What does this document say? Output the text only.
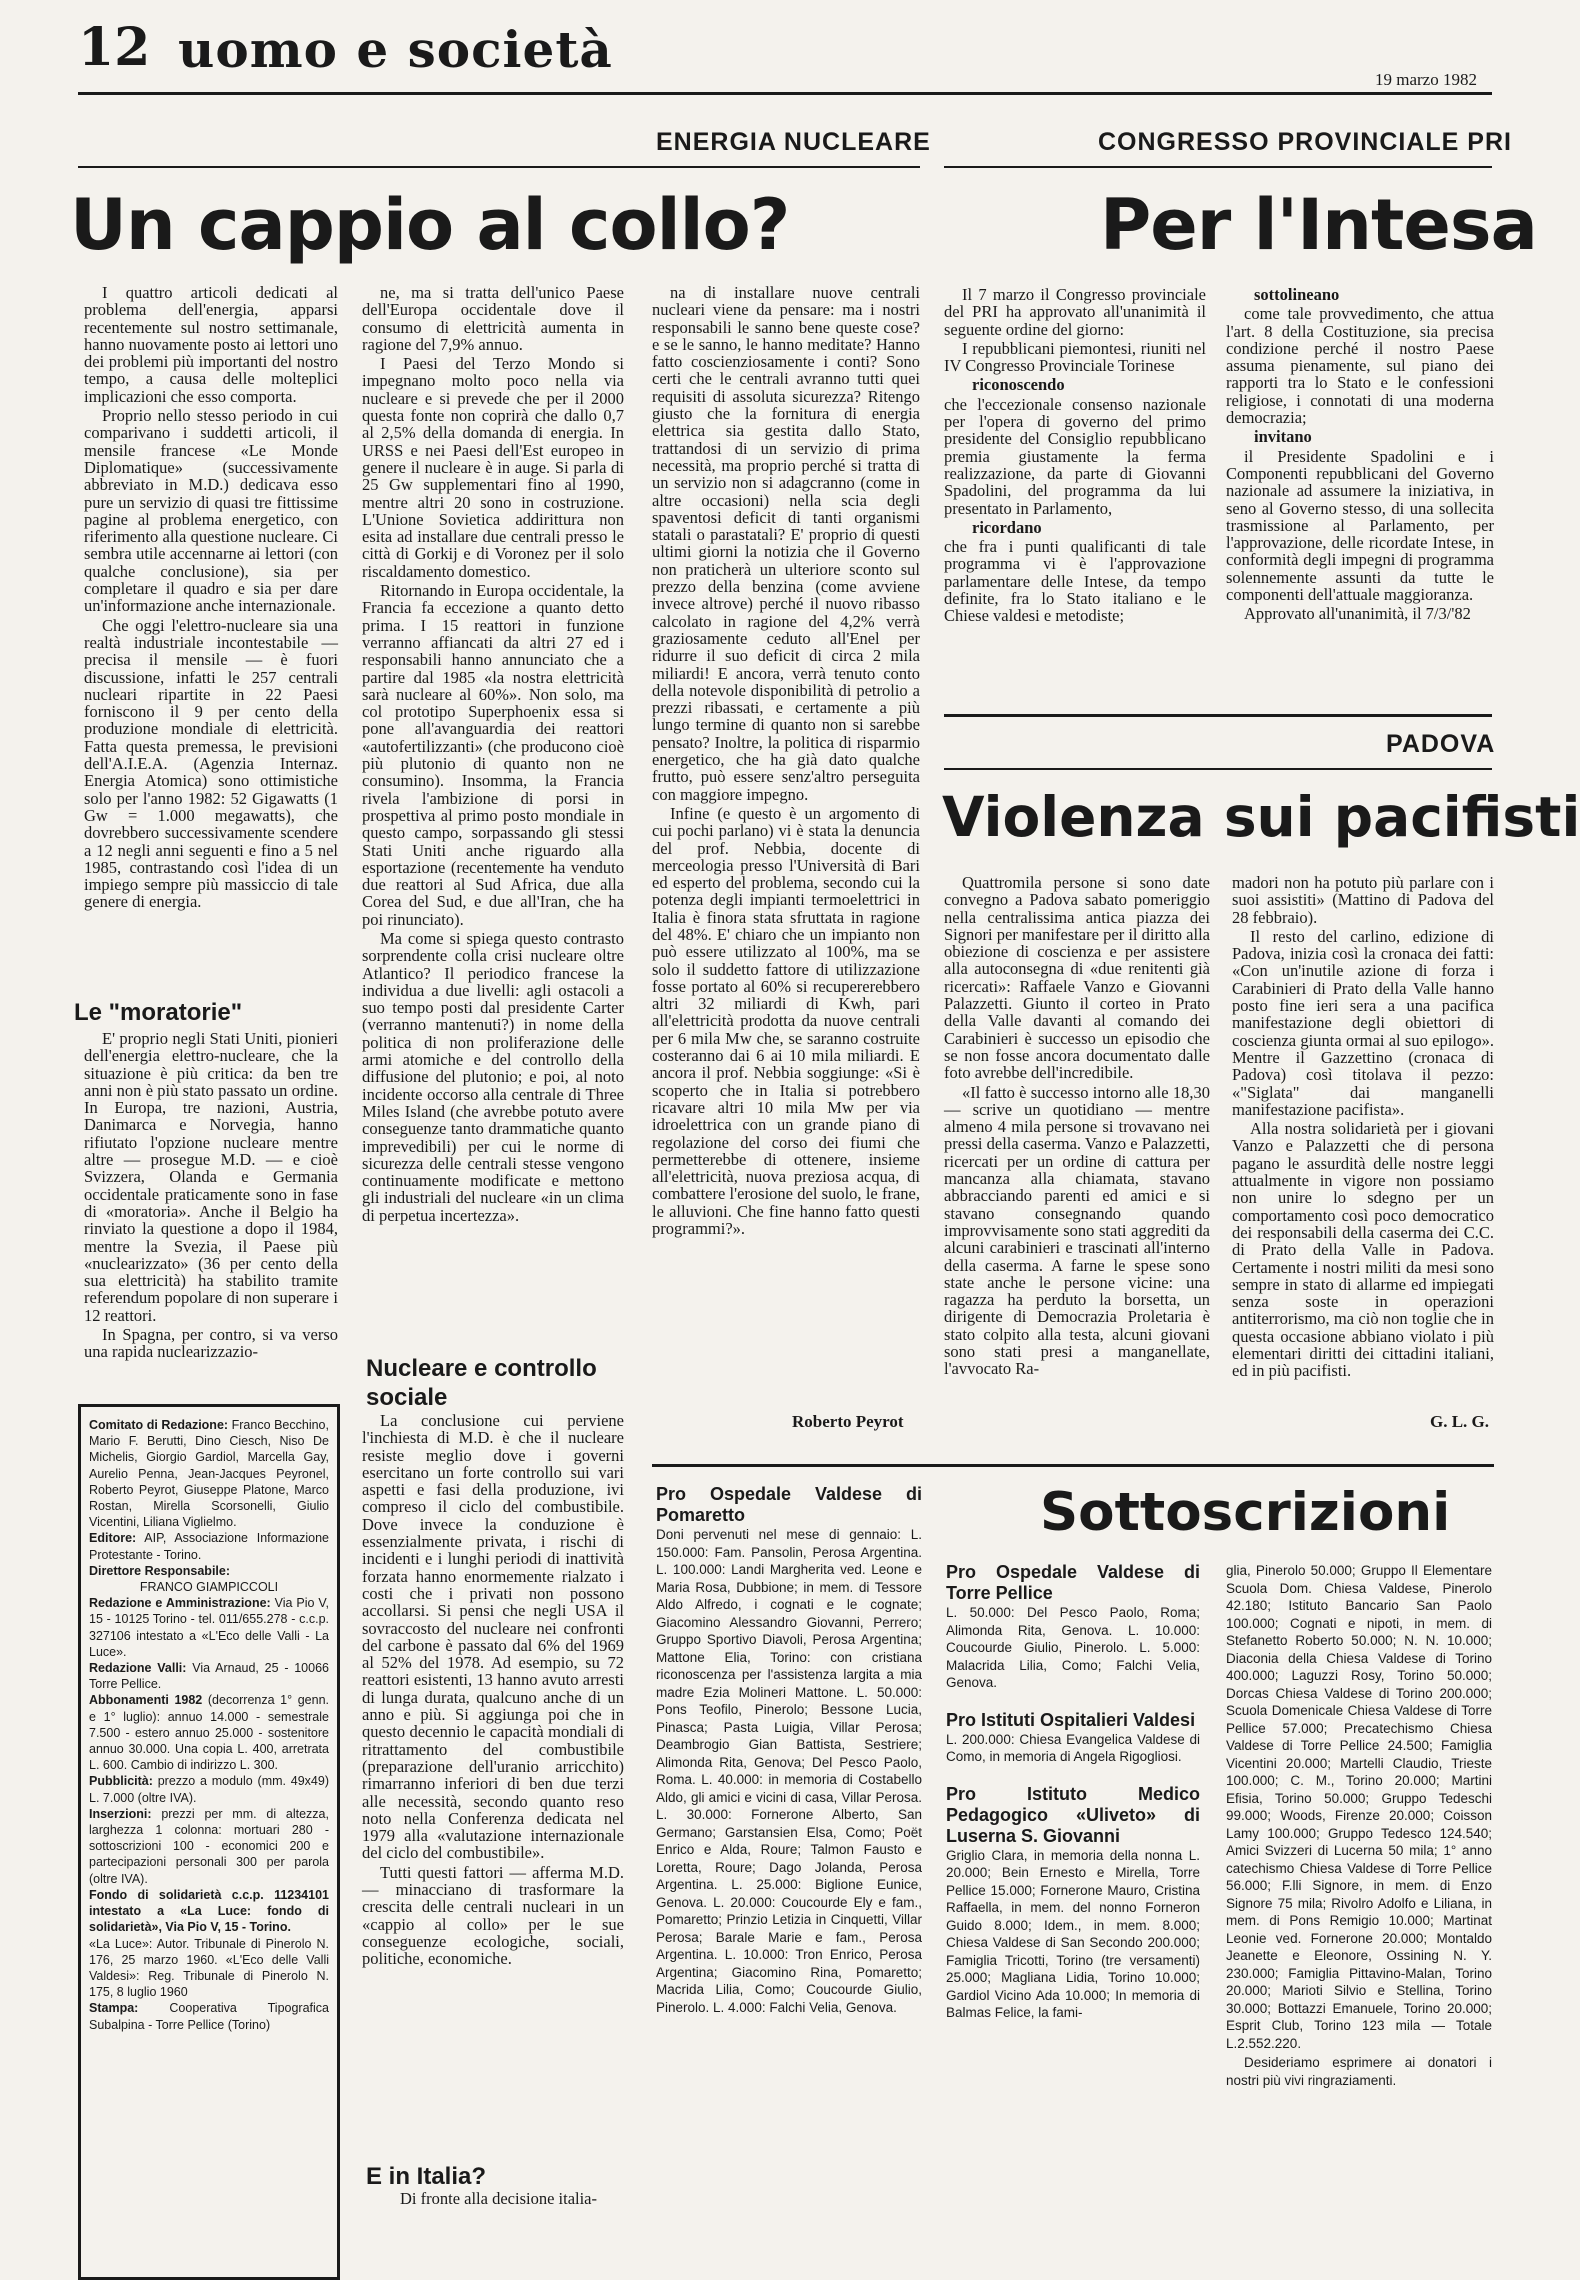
12 uomo e società
19 marzo 1982
ENERGIA NUCLEARE
Un cappio al collo?
CONGRESSO PROVINCIALE PRI
Per l'Intesa

I quattro articoli dedicati al problema dell'energia, apparsi recentemente sul nostro settimanale, hanno nuovamente posto ai lettori uno dei problemi più importanti del nostro tempo, a causa delle molteplici implicazioni che esso comporta.

Proprio nello stesso periodo in cui comparivano i suddetti articoli, il mensile francese «Le Monde Diplomatique» (successivamente abbreviato in M.D.) dedicava esso pure un servizio di quasi tre fittissime pagine al problema energetico, con riferimento alla questione nucleare. Ci sembra utile accennarne ai lettori (con qualche conclusione), sia per completare il quadro e sia per dare un'informazione anche internazionale.

Che oggi l'elettro-nucleare sia una realtà industriale incontestabile — precisa il mensile — è fuori discussione, infatti le 257 centrali nucleari ripartite in 22 Paesi forniscono il 9 per cento della produzione mondiale di elettricità. Fatta questa premessa, le previsioni dell'A.I.E.A. (Agenzia Internaz. Energia Atomica) sono ottimistiche solo per l'anno 1982: 52 Gigawatts (1 Gw = 1.000 megawatts), che dovrebbero successivamente scendere a 12 negli anni seguenti e fino a 5 nel 1985, contrastando così l'idea di un impiego sempre più massiccio di tale genere di energia.

Le "moratorie"

E' proprio negli Stati Uniti, pionieri dell'energia elettro-nucleare, che la situazione è più critica: da ben tre anni non è più stato passato un ordine. In Europa, tre nazioni, Austria, Danimarca e Norvegia, hanno rifiutato l'opzione nucleare mentre altre — prosegue M.D. — e cioè Svizzera, Olanda e Germania occidentale praticamente sono in fase di «moratoria». Anche il Belgio ha rinviato la questione a dopo il 1984, mentre la Svezia, il Paese più «nuclearizzato» (36 per cento della sua elettricità) ha stabilito tramite referendum popolare di non superare i 12 reattori.

In Spagna, per contro, si va verso una rapida nuclearizzazio-

Comitato di Redazione: Franco Becchino, Mario F. Berutti, Dino Ciesch, Niso De Michelis, Giorgio Gardiol, Marcella Gay, Aurelio Penna, Jean-Jacques Peyronel, Roberto Peyrot, Giuseppe Platone, Marco Rostan, Mirella Scorsonelli, Giulio Vicentini, Liliana Viglielmo.
Editore: AIP, Associazione Informazione Protestante - Torino.
Direttore Responsabile:
FRANCO GIAMPICCOLI
Redazione e Amministrazione: Via Pio V, 15 - 10125 Torino - tel. 011/655.278 - c.c.p. 327106 intestato a «L'Eco delle Valli - La Luce».
Redazione Valli: Via Arnaud, 25 - 10066 Torre Pellice.
Abbonamenti 1982 (decorrenza 1° genn. e 1° luglio): annuo 14.000 - semestrale 7.500 - estero annuo 25.000 - sostenitore annuo 30.000. Una copia L. 400, arretrata L. 600. Cambio di indirizzo L. 300.
Pubblicità: prezzo a modulo (mm. 49x49) L. 7.000 (oltre IVA).
Inserzioni: prezzi per mm. di altezza, larghezza 1 colonna: mortuari 280 - sottoscrizioni 100 - economici 200 e partecipazioni personali 300 per parola (oltre IVA).
Fondo di solidarietà c.c.p. 11234101 intestato a «La Luce: fondo di solidarietà», Via Pio V, 15 - Torino.
«La Luce»: Autor. Tribunale di Pinerolo N. 176, 25 marzo 1960. «L'Eco delle Valli Valdesi»: Reg. Tribunale di Pinerolo N. 175, 8 luglio 1960
Stampa: Cooperativa Tipografica Subalpina - Torre Pellice (Torino)

ne, ma si tratta dell'unico Paese dell'Europa occidentale dove il consumo di elettricità aumenta in ragione del 7,9% annuo.

I Paesi del Terzo Mondo si impegnano molto poco nella via nucleare e si prevede che per il 2000 questa fonte non coprirà che dallo 0,7 al 2,5% della domanda di energia. In URSS e nei Paesi dell'Est europeo in genere il nucleare è in auge. Si parla di 25 Gw supplementari fino al 1990, mentre altri 20 sono in costruzione. L'Unione Sovietica addirittura non esita ad installare due centrali presso le città di Gorkij e di Voronez per il solo riscaldamento domestico.

Ritornando in Europa occidentale, la Francia fa eccezione a quanto detto prima. I 15 reattori in funzione verranno affiancati da altri 27 ed i responsabili hanno annunciato che a partire dal 1985 «la nostra elettricità sarà nucleare al 60%». Non solo, ma col prototipo Superphoenix essa si pone all'avanguardia dei reattori «autofertilizzanti» (che producono cioè più plutonio di quanto non ne consumino). Insomma, la Francia rivela l'ambizione di porsi in prospettiva al primo posto mondiale in questo campo, sorpassando gli stessi Stati Uniti anche riguardo alla esportazione (recentemente ha venduto due reattori al Sud Africa, due alla Corea del Sud, e due all'Iran, che ha poi rinunciato).

Ma come si spiega questo contrasto sorprendente colla crisi nucleare oltre Atlantico? Il periodico francese la individua a due livelli: agli ostacoli a suo tempo posti dal presidente Carter (verranno mantenuti?) in nome della politica di non proliferazione delle armi atomiche e del controllo della diffusione del plutonio; e poi, al noto incidente occorso alla centrale di Three Miles Island (che avrebbe potuto avere conseguenze tanto drammatiche quanto imprevedibili) per cui le norme di sicurezza delle centrali stesse vengono continuamente modificate e mettono gli industriali del nucleare «in un clima di perpetua incertezza».

Nucleare e controllo sociale

La conclusione cui perviene l'inchiesta di M.D. è che il nucleare resiste meglio dove i governi esercitano un forte controllo sui vari aspetti e fasi della produzione, ivi compreso il ciclo del combustibile. Dove invece la conduzione è essenzialmente privata, i rischi di incidenti e i lunghi periodi di inattività forzata hanno enormemente rialzato i costi che i privati non possono accollarsi. Si pensi che negli USA il sovraccosto del nucleare nei confronti del carbone è passato dal 6% del 1969 al 52% del 1978. Ad esempio, su 72 reattori esistenti, 13 hanno avuto arresti di lunga durata, qualcuno anche di un anno e più. Si aggiunga poi che in questo decennio le capacità mondiali di ritrattamento del combustibile (preparazione dell'uranio arricchito) rimarranno inferiori di ben due terzi alle necessità, secondo quanto reso noto nella Conferenza dedicata nel 1979 alla «valutazione internazionale del ciclo del combustibile».

Tutti questi fattori — afferma M.D. — minacciano di trasformare la crescita delle centrali nucleari in un «cappio al collo» per le sue conseguenze ecologiche, sociali, politiche, economiche.

E in Italia?

Di fronte alla decisione italia-

na di installare nuove centrali nucleari viene da pensare: ma i nostri responsabili le sanno bene queste cose? e se le sanno, le hanno meditate? Hanno fatto coscienziosamente i conti? Sono certi che le centrali avranno tutti quei requisiti di assoluta sicurezza? Ritengo giusto che la fornitura di energia elettrica sia gestita dallo Stato, trattandosi di un servizio di prima necessità, ma proprio perché si tratta di un servizio non si adagcranno (come in altre occasioni) nella scia degli spaventosi deficit di tanti organismi statali o parastatali? E' proprio di questi ultimi giorni la notizia che il Governo non praticherà un ulteriore sconto sul prezzo della benzina (come avviene invece altrove) perché il nuovo ribasso calcolato in ragione del 4,2% verrà graziosamente ceduto all'Enel per ridurre il suo deficit di circa 2 mila miliardi! E ancora, verrà tenuto conto della notevole disponibilità di petrolio a prezzi ribassati, e certamente a più lungo termine di quanto non si sarebbe pensato? Inoltre, la politica di risparmio energetico, che ha già dato qualche frutto, può essere senz'altro perseguita con maggiore impegno.

Infine (e questo è un argomento di cui pochi parlano) vi è stata la denuncia del prof. Nebbia, docente di merceologia presso l'Università di Bari ed esperto del problema, secondo cui la potenza degli impianti termoelettrici in Italia è finora stata sfruttata in ragione del 48%. E' chiaro che un impianto non può essere utilizzato al 100%, ma se solo il suddetto fattore di utilizzazione fosse portato al 60% si recupererebbero altri 32 miliardi di Kwh, pari all'elettricità prodotta da nuove centrali per 6 mila Mw che, se saranno costruite costeranno dai 6 ai 10 mila miliardi. E ancora il prof. Nebbia soggiunge: «Si è scoperto che in Italia si potrebbero ricavare altri 10 mila Mw per via idroelettrica con un grande piano di regolazione del corso dei fiumi che permetterebbe di ottenere, insieme all'elettricità, nuova preziosa acqua, di combattere l'erosione del suolo, le frane, le alluvioni. Che fine hanno fatto questi programmi?».

Roberto Peyrot

Il 7 marzo il Congresso provinciale del PRI ha approvato all'unanimità il seguente ordine del giorno:

I repubblicani piemontesi, riuniti nel IV Congresso Provinciale Torinese

riconoscendo

che l'eccezionale consenso nazionale per l'opera di governo del primo presidente del Consiglio repubblicano premia giustamente la ferma realizzazione, da parte di Giovanni Spadolini, del programma da lui presentato in Parlamento,

ricordano

che fra i punti qualificanti di tale programma vi è l'approvazione parlamentare delle Intese, da tempo definite, fra lo Stato italiano e le Chiese valdesi e metodiste;

sottolineano

come tale provvedimento, che attua l'art. 8 della Costituzione, sia precisa condizione perché il nostro Paese assuma pienamente, sul piano dei rapporti tra lo Stato e le confessioni religiose, i connotati di una moderna democrazia;

invitano

il Presidente Spadolini e i Componenti repubblicani del Governo nazionale ad assumere la iniziativa, in seno al Governo stesso, di una sollecita trasmissione al Parlamento, per l'approvazione, delle ricordate Intese, in conformità degli impegni di programma solennemente assunti da tutte le componenti dell'attuale maggioranza.

Approvato all'unanimità, il 7/3/'82

PADOVA
Violenza sui pacifisti

Quattromila persone si sono date convegno a Padova sabato pomeriggio nella centralissima antica piazza dei Signori per manifestare per il diritto alla obiezione di coscienza e per assistere alla autoconsegna di «due renitenti già ricercati»: Raffaele Vanzo e Giovanni Palazzetti. Giunto il corteo in Prato della Valle davanti al comando dei Carabinieri è successo un episodio che se non fosse ancora documentato dalle foto avrebbe dell'incredibile.

«Il fatto è successo intorno alle 18,30 — scrive un quotidiano — mentre almeno 4 mila persone si trovavano nei pressi della caserma. Vanzo e Palazzetti, ricercati per un ordine di cattura per mancanza alla chiamata, stavano abbracciando parenti ed amici e si stavano consegnando quando improvvisamente sono stati aggrediti da alcuni carabinieri e trascinati all'interno della caserma. A farne le spese sono state anche le persone vicine: una ragazza ha perduto la borsetta, un dirigente di Democrazia Proletaria è stato colpito alla testa, alcuni giovani sono stati presi a manganellate, l'avvocato Ra-

madori non ha potuto più parlare con i suoi assistiti» (Mattino di Padova del 28 febbraio).

Il resto del carlino, edizione di Padova, inizia così la cronaca dei fatti: «Con un'inutile azione di forza i Carabinieri di Prato della Valle hanno posto fine ieri sera a una pacifica manifestazione degli obiettori di coscienza giunta ormai al suo epilogo». Mentre il Gazzettino (cronaca di Padova) così titolava il pezzo: «"Siglata" dai manganelli manifestazione pacifista».

Alla nostra solidarietà per i giovani Vanzo e Palazzetti che di persona pagano le assurdità delle nostre leggi attualmente in vigore non possiamo non unire lo sdegno per un comportamento così poco democratico dei responsabili della caserma dei C.C. di Prato della Valle in Padova. Certamente i nostri militi da mesi sono sempre in stato di allarme ed impiegati senza soste in operazioni antiterrorismo, ma ciò non toglie che in questa occasione abbiano violato i più elementari diritti dei cittadini italiani, ed in più pacifisti.

G. L. G.
Sottoscrizioni
Pro Ospedale Valdese di Pomaretto

Doni pervenuti nel mese di gennaio: L. 150.000: Fam. Pansolin, Perosa Argentina. L. 100.000: Landi Margherita ved. Leone e Maria Rosa, Dubbione; in mem. di Tessore Aldo Alfredo, i cognati e le cognate; Giacomino Alessandro Giovanni, Perrero; Gruppo Sportivo Diavoli, Perosa Argentina; Mattone Elia, Torino: con cristiana riconoscenza per l'assistenza largita a mia madre Ezia Molineri Mattone. L. 50.000: Pons Teofilo, Pinerolo; Bessone Lucia, Pinasca; Pasta Luigia, Villar Perosa; Deambrogio Gian Battista, Sestriere; Alimonda Rita, Genova; Del Pesco Paolo, Roma. L. 40.000: in memoria di Costabello Aldo, gli amici e vicini di casa, Villar Perosa. L. 30.000: Fornerone Alberto, San Germano; Garstansien Elsa, Como; Poët Enrico e Alda, Roure; Talmon Fausto e Loretta, Roure; Dago Jolanda, Perosa Argentina. L. 25.000: Biglione Eunice, Genova. L. 20.000: Coucourde Ely e fam., Pomaretto; Prinzio Letizia in Cinquetti, Villar Perosa; Barale Marie e fam., Perosa Argentina. L. 10.000: Tron Enrico, Perosa Argentina; Giacomino Rina, Pomaretto; Macrida Lilia, Como; Coucourde Giulio, Pinerolo. L. 4.000: Falchi Velia, Genova.

Pro Ospedale Valdese di Torre Pellice

L. 50.000: Del Pesco Paolo, Roma; Alimonda Rita, Genova. L. 10.000: Coucourde Giulio, Pinerolo. L. 5.000: Malacrida Lilia, Como; Falchi Velia, Genova.

Pro Istituti Ospitalieri Valdesi

L. 200.000: Chiesa Evangelica Valdese di Como, in memoria di Angela Rigogliosi.

Pro Istituto Medico Pedagogico «Uliveto» di Luserna S. Giovanni

Griglio Clara, in memoria della nonna L. 20.000; Bein Ernesto e Mirella, Torre Pellice 15.000; Fornerone Mauro, Cristina Raffaella, in mem. del nonno Forneron Guido 8.000; Idem., in mem. 8.000; Chiesa Valdese di San Secondo 200.000; Famiglia Tricotti, Torino (tre versamenti) 25.000; Magliana Lidia, Torino 10.000; Gardiol Vicino Ada 10.000; In memoria di Balmas Felice, la fami-

glia, Pinerolo 50.000; Gruppo Il Elementare Scuola Dom. Chiesa Valdese, Pinerolo 42.180; Istituto Bancario San Paolo 100.000; Cognati e nipoti, in mem. di Stefanetto Roberto 50.000; N. N. 10.000; Diaconia della Chiesa Valdese di Torino 400.000; Laguzzi Rosy, Torino 50.000; Dorcas Chiesa Valdese di Torino 200.000; Scuola Domenicale Chiesa Valdese di Torre Pellice 57.000; Precatechismo Chiesa Valdese di Torre Pellice 24.500; Famiglia Vicentini 20.000; Martelli Claudio, Trieste 100.000; C. M., Torino 20.000; Martini Efisia, Torino 50.000; Gruppo Tedeschi 99.000; Woods, Firenze 20.000; Coisson Lamy 100.000; Gruppo Tedesco 124.540; Amici Svizzeri di Lucerna 50 mila; 1° anno catechismo Chiesa Valdese di Torre Pellice 56.000; F.lli Signore, in mem. di Enzo Signore 75 mila; Rivolro Adolfo e Liliana, in mem. di Pons Remigio 10.000; Martinat Leonie ved. Fornerone 20.000; Montaldo Jeanette e Eleonore, Ossining N. Y. 230.000; Famiglia Pittavino-Malan, Torino 20.000; Marioti Silvio e Stellina, Torino 30.000; Bottazzi Emanuele, Torino 20.000; Esprit Club, Torino 123 mila — Totale L.2.552.220.

Desideriamo esprimere ai donatori i nostri più vivi ringraziamenti.
